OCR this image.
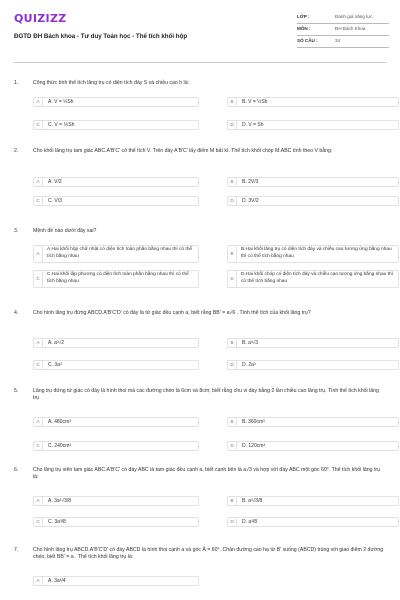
QUIZIZZ
ĐGTD ĐH Bách khoa - Tư duy Toán học - Thể tích khối hộp
LỚP :	Đánh giá năng lực
MÔN :	ĐH Bách Khoa
SỐ CÂU :	34
1.	Công thức tính thể tích lăng trụ có diện tích đáy S và chiều cao h là:
A	A. V = ⅓Sh	B	B. V = ½Sh
C	C. V = ⅙Sh	D	D. V = Sh
2.	Cho khối lăng trụ tam giác ABC.A′B′C′ có thể tích V. Trên đáy A′B′C′ lấy điểm M bất kì. Thể tích khối chóp M.ABC tính theo V bằng:
A	A. V/2	B	B. 2V/3
C	C. V/3	D	D. 3V/2
3.	Mệnh đề nào dưới đây sai?
A
A.Hai khối hộp chữ nhật có diện tích toàn phần bằng nhau thì có thể tích bằng nhau
B
B.Hai khối lăng trụ có diện tích đáy và chiều cao tương ứng bằng nhau thì có thể tích bằng nhau
C
C.Hai khối lập phương có diện tích toàn phần bằng nhau thì có thể tích bằng nhau
D
D.Hai khối chóp có diện tích đáy và chiều cao tương ứng bằng nhau thì có thể tích bằng nhau
4.	Cho hình lăng trụ đứng ABCD.A′B′C′D′ có đáy là tứ giác đều cạnh a, biết rằng BB′ = a√6 . Tính thể tích của khối lăng trụ?
A	A. a³√2	B	B. a³√3
C	C. 3a³	D	D. 2a³
5.	Lăng trụ đứng tứ giác có đáy là hình thoi mà các đường chéo là 6cm và 8cm; biết rằng chu vi đáy bằng 2 lần chiều cao lăng trụ. Tính thể tích khối lăng trụ
A	A. 480cm³	B	B. 360cm³
C	C. 240cm³	D	D. 120cm³
6.	Cho lăng trụ xiên tam giác ABC.A′B′C′ có đáy ABC là tam giác đều cạnh a, biết cạnh bên là a√3 và hợp với đáy ABC một góc 60°. Thể tích khối lăng trụ là:
A	A. 3a³√3/8	B	B. a³√3/8
C	C. 3a³/8	D	D. a³/8
7.	Cho hình lăng trụ ABCD.A′B′C′D′ có đáy ABCD là hình thoi cạnh a và góc Â = 60°. Chân đường cao hạ từ B′ xuống (ABCD) trùng với giao điểm 2 đường chéo, biết BB′ = a . Thể tích khối lăng trụ là:
A	A. 3a³/4
